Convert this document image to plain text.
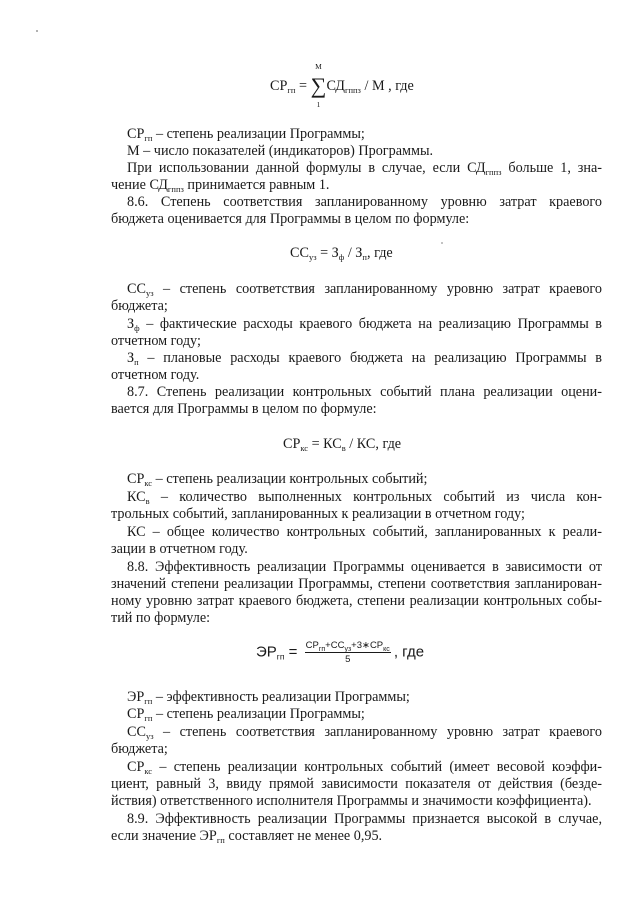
$СР_{гп}$ =
M
∑
1
$СД_{гппз}$ / М , где
$СР_{гп}$ – степень реализации Программы;
М – число показателей (индикаторов) Программы.
При использовании данной формулы в случае, если $СД_{гппз}$ больше 1, зна-
чение $СД_{гппз}$ принимается равным 1.
8.6. Степень соответствия запланированному уровню затрат краевого
бюджета оценивается для Программы в целом по формуле:
$СС_{уз} = З_ф / З_п$, где
$СС_{уз}$ – степень соответствия запланированному уровню затрат краевого
бюджета;
$З_ф$ – фактические расходы краевого бюджета на реализацию Программы в
отчетном году;
$З_п$ – плановые расходы краевого бюджета на реализацию Программы в
отчетном году.
8.7. Степень реализации контрольных событий плана реализации оцени-
вается для Программы в целом по формуле:
$СР_{кс} = КС_в$ / КС, где
$СР_{кс}$ – степень реализации контрольных событий;
$КС_в$ – количество выполненных контрольных событий из числа кон-
трольных событий, запланированных к реализации в отчетном году;
КС – общее количество контрольных событий, запланированных к реали-
зации в отчетном году.
8.8. Эффективность реализации Программы оценивается в зависимости от
значений степени реализации Программы, степени соответствия запланирован-
ному уровню затрат краевого бюджета, степени реализации контрольных собы-
тий по формуле:
$ЭР_{гп} = \frac{СР_{гп}+СС_{уз}+3∗СР_{кс}}{5}$ , где
$ЭР_{гп}$ – эффективность реализации Программы;
$СР_{гп}$ – степень реализации Программы;
$СС_{уз}$ – степень соответствия запланированному уровню затрат краевого
бюджета;
$СР_{кс}$ – степень реализации контрольных событий (имеет весовой коэффи-
циент, равный 3, ввиду прямой зависимости показателя от действия (безде-
йствия) ответственного исполнителя Программы и значимости коэффициента).
8.9. Эффективность реализации Программы признается высокой в случае,
если значение $ЭР_{гп}$ составляет не менее 0,95.
